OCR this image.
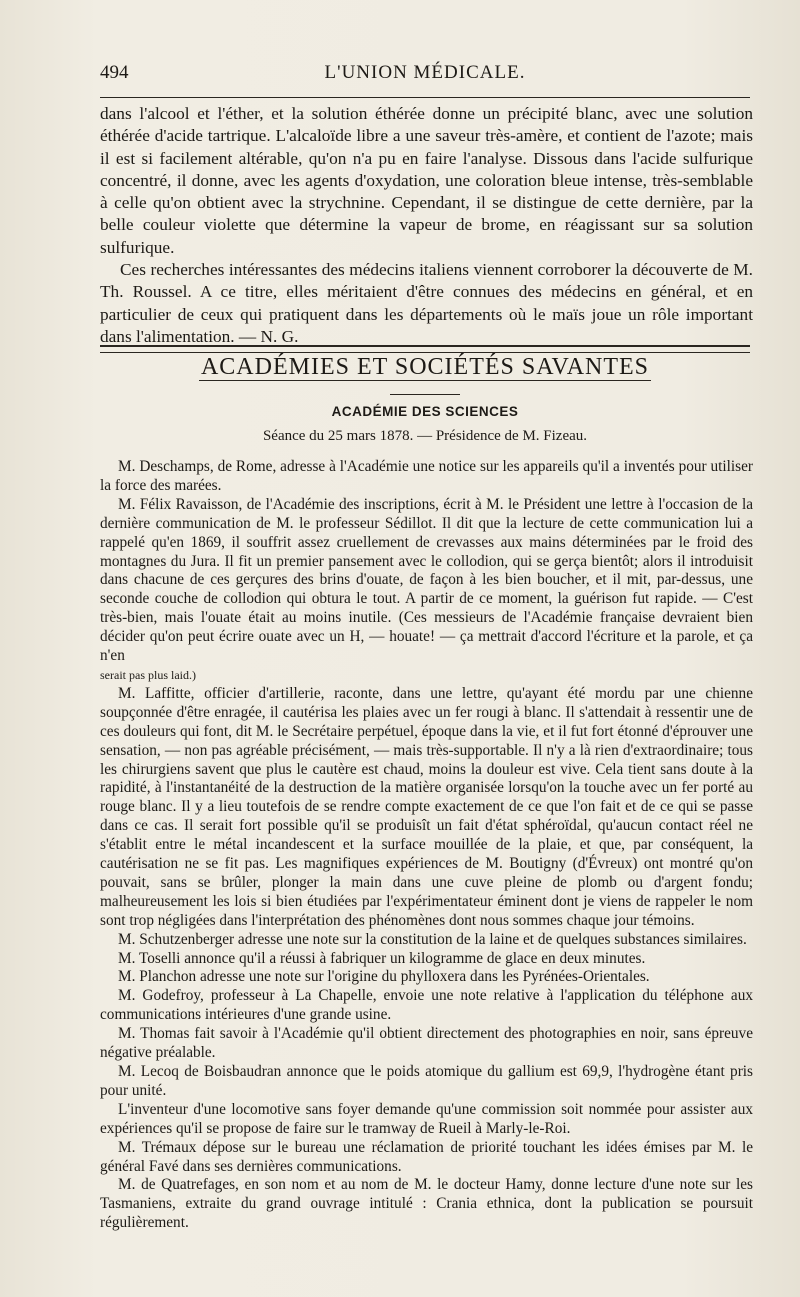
494	L'UNION MÉDICALE.

dans l'alcool et l'éther, et la solution éthérée donne un précipité blanc, avec une solution éthérée d'acide tartrique. L'alcaloïde libre a une saveur très-amère, et contient de l'azote; mais il est si facilement altérable, qu'on n'a pu en faire l'analyse. Dissous dans l'acide sulfurique concentré, il donne, avec les agents d'oxydation, une coloration bleue intense, très-semblable à celle qu'on obtient avec la strychnine. Cependant, il se distingue de cette dernière, par la belle couleur violette que détermine la vapeur de brome, en réagissant sur sa solution sulfurique.

Ces recherches intéressantes des médecins italiens viennent corroborer la découverte de M. Th. Roussel. A ce titre, elles méritaient d'être connues des médecins en général, et en particulier de ceux qui pratiquent dans les départements où le maïs joue un rôle important dans l'alimentation. — N. G.

ACADÉMIES ET SOCIÉTÉS SAVANTES
ACADÉMIE DES SCIENCES
Séance du 25 mars 1878. — Présidence de M. Fizeau.

M. Deschamps, de Rome, adresse à l'Académie une notice sur les appareils qu'il a inventés pour utiliser la force des marées.

M. Félix Ravaisson, de l'Académie des inscriptions, écrit à M. le Président une lettre à l'occasion de la dernière communication de M. le professeur Sédillot. Il dit que la lecture de cette communication lui a rappelé qu'en 1869, il souffrit assez cruellement de crevasses aux mains déterminées par le froid des montagnes du Jura. Il fit un premier pansement avec le collodion, qui se gerça bientôt; alors il introduisit dans chacune de ces gerçures des brins d'ouate, de façon à les bien boucher, et il mit, par-dessus, une seconde couche de collodion qui obtura le tout. A partir de ce moment, la guérison fut rapide. — C'est très-bien, mais l'ouate était au moins inutile. (Ces messieurs de l'Académie française devraient bien décider qu'on peut écrire ouate avec un H, — houate! — ça mettrait d'accord l'écriture et la parole, et ça n'en

serait pas plus laid.)

M. Laffitte, officier d'artillerie, raconte, dans une lettre, qu'ayant été mordu par une chienne soupçonnée d'être enragée, il cautérisa les plaies avec un fer rougi à blanc. Il s'attendait à ressentir une de ces douleurs qui font, dit M. le Secrétaire perpétuel, époque dans la vie, et il fut fort étonné d'éprouver une sensation, — non pas agréable précisément, — mais très-supportable. Il n'y a là rien d'extraordinaire; tous les chirurgiens savent que plus le cautère est chaud, moins la douleur est vive. Cela tient sans doute à la rapidité, à l'instantanéité de la destruction de la matière organisée lorsqu'on la touche avec un fer porté au rouge blanc. Il y a lieu toutefois de se rendre compte exactement de ce que l'on fait et de ce qui se passe dans ce cas. Il serait fort possible qu'il se produisît un fait d'état sphéroïdal, qu'aucun contact réel ne s'établit entre le métal incandescent et la surface mouillée de la plaie, et que, par conséquent, la cautérisation ne se fit pas. Les magnifiques expériences de M. Boutigny (d'Évreux) ont montré qu'on pouvait, sans se brûler, plonger la main dans une cuve pleine de plomb ou d'argent fondu; malheureusement les lois si bien étudiées par l'expérimentateur éminent dont je viens de rappeler le nom sont trop négligées dans l'interprétation des phénomènes dont nous sommes chaque jour témoins.

M. Schutzenberger adresse une note sur la constitution de la laine et de quelques substances similaires.

M. Toselli annonce qu'il a réussi à fabriquer un kilogramme de glace en deux minutes.

M. Planchon adresse une note sur l'origine du phylloxera dans les Pyrénées-Orientales.

M. Godefroy, professeur à La Chapelle, envoie une note relative à l'application du téléphone aux communications intérieures d'une grande usine.

M. Thomas fait savoir à l'Académie qu'il obtient directement des photographies en noir, sans épreuve négative préalable.

M. Lecoq de Boisbaudran annonce que le poids atomique du gallium est 69,9, l'hydrogène étant pris pour unité.

L'inventeur d'une locomotive sans foyer demande qu'une commission soit nommée pour assister aux expériences qu'il se propose de faire sur le tramway de Rueil à Marly-le-Roi.

M. Trémaux dépose sur le bureau une réclamation de priorité touchant les idées émises par M. le général Favé dans ses dernières communications.

M. de Quatrefages, en son nom et au nom de M. le docteur Hamy, donne lecture d'une note sur les Tasmaniens, extraite du grand ouvrage intitulé : Crania ethnica, dont la publication se poursuit régulièrement.
